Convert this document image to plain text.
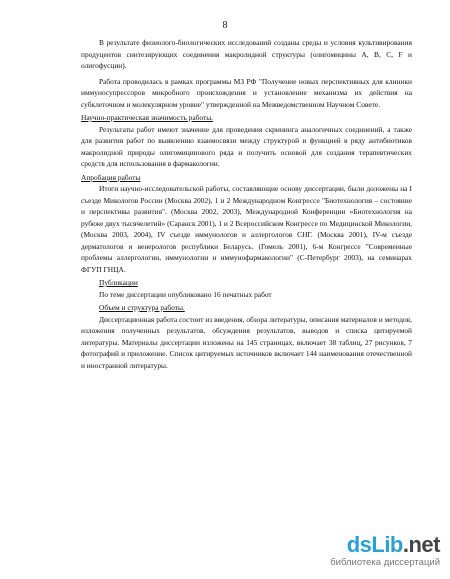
8

В результате физиолого-биологических исследований созданы среды и условия культивирования продуцентов синтезирующих соединения макролидной структуры (олигомицины А, В, С, F и олигофусцин).

Работа проводилась в рамках программы МЗ РФ "Получение новых перспективных для клиники иммуносупрессоров микробного происхождения и установление механизма их действия на субклеточном и молекулярном уровне" утвержденной на Межведомственном Научном Совете.

Научно-практическая значимость работы.

Результаты работ имеют значение для проведения скрининга аналогичных соединений, а также для развития работ по выявлению взаимосвязи между структурой и функцией в ряду антибиотиков макролидной природы олигомицинового ряда и получить основой для создания терапевтических средств для использования в фармакологии.

Апробация работы

Итоги научно-исследовательской работы, составляющие основу диссертации, были доложены на I съезде Микологов России (Москва 2002), 1 и 2 Международном Конгрессе "Биотехнология – состояние и перспективы развития". (Москва 2002, 2003), Международной Конференции «Биотехнология на рубеже двух тысячелетий» (Саранск 2001), 1 и 2 Всероссийском Конгрессе по Медицинской Микологии, (Москва 2003, 2004), IV съезде иммунологов и аллергологов СНГ. (Москва 2001), IV-м съезде дерматологов и венерологов республики Беларусь. (Гомель 2001), 6-м Конгрессе "Современные проблемы аллергологии, иммунологии и иммунофармакологии" (С-Петербург 2003), на семинарах ФГУП ГНЦА.

Публикации

По теме диссертации опубликовано 16 печатных работ

Объем и структура работы.

Диссертационная работа состоит из введения, обзора литературы, описания материалов и методов, изложения полученных результатов, обсуждения результатов, выводов и списка цитируемой литературы. Материалы диссертации изложены на 145 страницах, включает 38 таблиц, 27 рисунков, 7 фотографий и приложение. Список цитируемых источников включает 144 наименования отечественной и иностранной литературы.

dsLib.net
библиотека диссертаций
